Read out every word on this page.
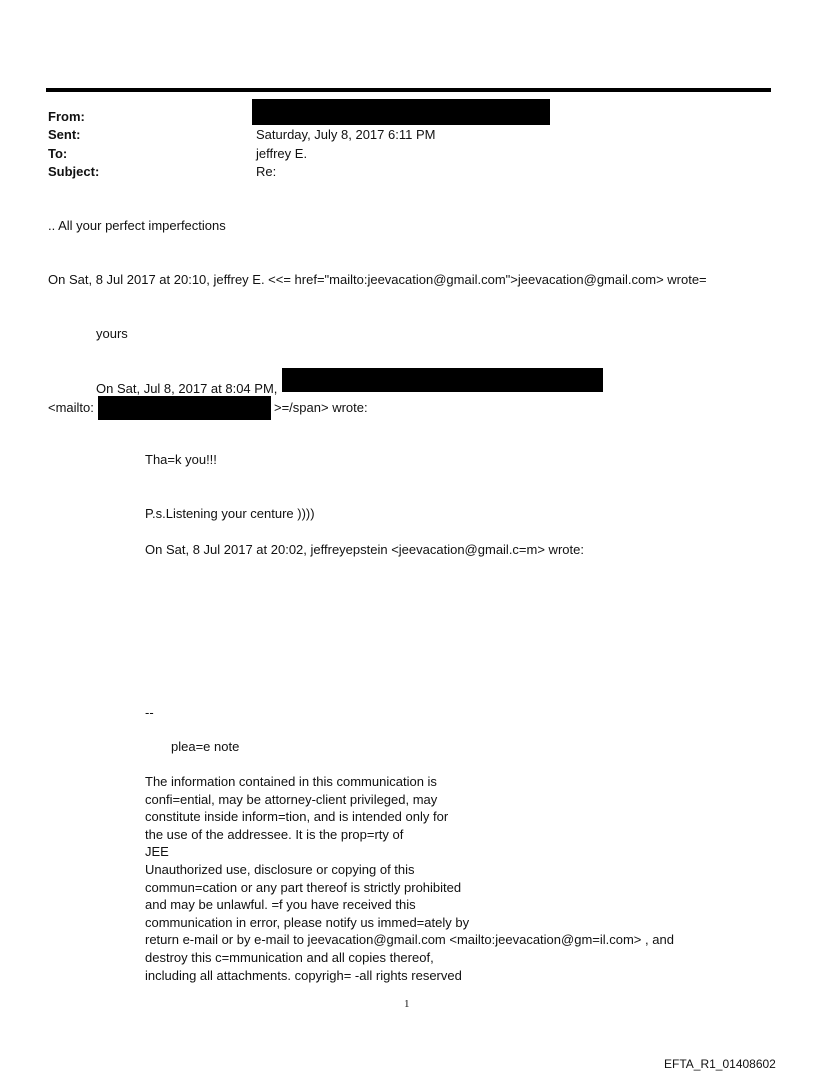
From:
Sent:	Saturday, July 8, 2017 6:11 PM
To:	jeffrey E.
Subject:	Re:
.. All your perfect imperfections
On Sat, 8 Jul 2017 at 20:10, jeffrey E. <<= href="mailto:jeevacation@gmail.com">jeevacation@gmail.com> wrote=
yours
On Sat, Jul 8, 2017 at 8:04 PM,
<mailto:	>=/span> wrote:
Tha=k you!!!
P.s.Listening your centure ))))
On Sat, 8 Jul 2017 at 20:02, jeffreyepstein <jeevacation@gmail.c=m> wrote:
--
plea=e note
The information contained in this communication is
confi=ential, may be attorney-client privileged, may
constitute inside inform=tion, and is intended only for
the use of the addressee. It is the prop=rty of
JEE
Unauthorized use, disclosure or copying of this
commun=cation or any part thereof is strictly prohibited
and may be unlawful. =f you have received this
communication in error, please notify us immed=ately by
return e-mail or by e-mail to jeevacation@gmail.com <mailto:jeevacation@gm=il.com> , and
destroy this c=mmunication and all copies thereof,
including all attachments. copyrigh= -all rights reserved
1
EFTA_R1_01408602
